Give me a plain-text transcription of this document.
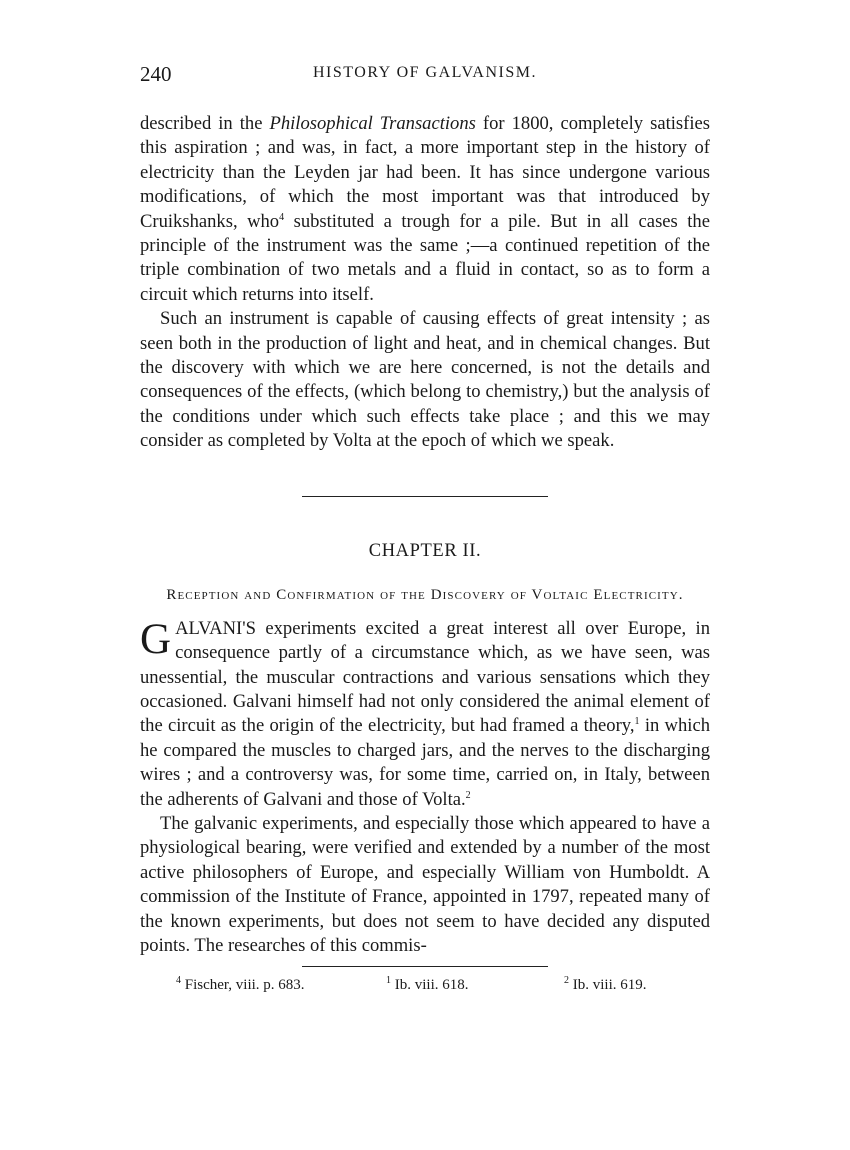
240	HISTORY OF GALVANISM.

described in the Philosophical Transactions for 1800, completely satisfies this aspiration ; and was, in fact, a more important step in the history of electricity than the Leyden jar had been. It has since undergone various modifications, of which the most important was that introduced by Cruikshanks, who$^4$ substituted a trough for a pile. But in all cases the principle of the instrument was the same ;—a continued repetition of the triple combination of two metals and a fluid in contact, so as to form a circuit which returns into itself.

Such an instrument is capable of causing effects of great intensity ; as seen both in the production of light and heat, and in chemical changes. But the discovery with which we are here concerned, is not the details and consequences of the effects, (which belong to chemistry,) but the analysis of the conditions under which such effects take place ; and this we may consider as completed by Volta at the epoch of which we speak.

CHAPTER II.
Reception and Confirmation of the Discovery of Voltaic Electricity.

GALVANI'S experiments excited a great interest all over Europe, in consequence partly of a circumstance which, as we have seen, was unessential, the muscular contractions and various sensations which they occasioned. Galvani himself had not only considered the animal element of the circuit as the origin of the electricity, but had framed a theory,$^1$ in which he compared the muscles to charged jars, and the nerves to the discharging wires ; and a controversy was, for some time, carried on, in Italy, between the adherents of Galvani and those of Volta.$^2$

The galvanic experiments, and especially those which appeared to have a physiological bearing, were verified and extended by a number of the most active philosophers of Europe, and especially William von Humboldt. A commission of the Institute of France, appointed in 1797, repeated many of the known experiments, but does not seem to have decided any disputed points. The researches of this commis-

$^4$ Fischer, viii. p. 683.	$^1$ Ib. viii. 618.	$^2$ Ib. viii. 619.
